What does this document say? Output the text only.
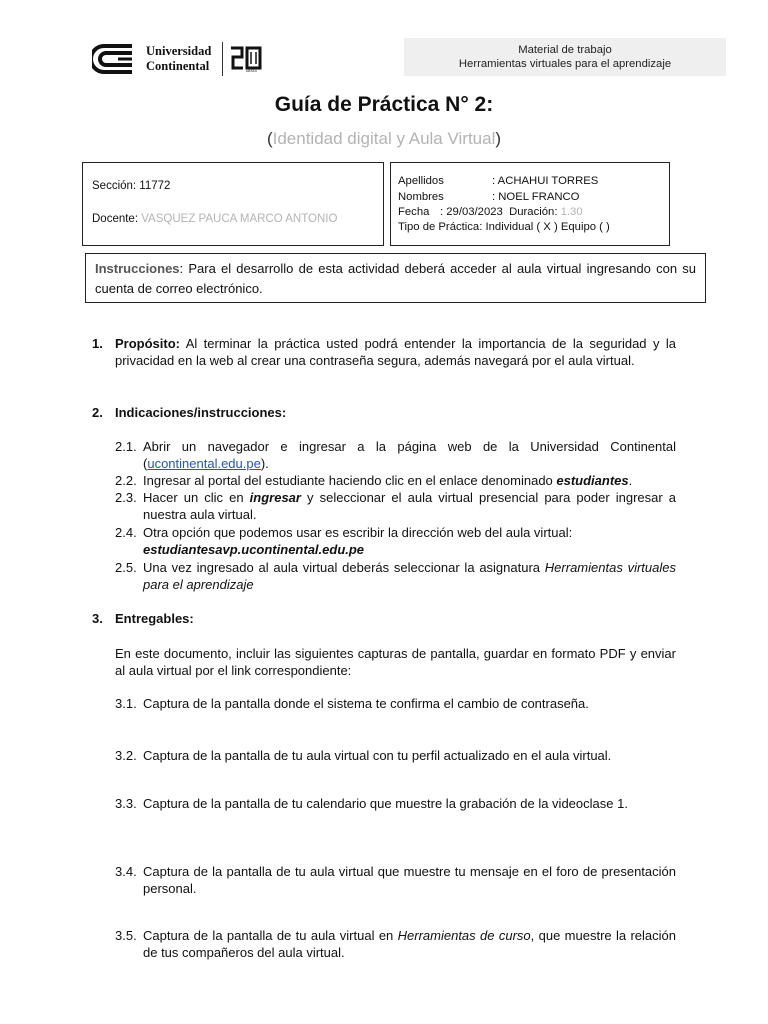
Universidad
Continental	años
Material de trabajo
Herramientas virtuales para el aprendizaje
Guía de Práctica N° 2:
(Identidad digital y Aula Virtual)
Sección: 11772
Docente: VASQUEZ PAUCA MARCO ANTONIO
Apellidos	: ACHAHUI TORRES
Nombres	: NOEL FRANCO
Fecha : 29/03/2023 Duración: 1.30
Tipo de Práctica: Individual ( X ) Equipo ( )
Instrucciones: Para el desarrollo de esta actividad deberá acceder al aula virtual ingresando con su cuenta de correo electrónico.
1. Propósito: Al terminar la práctica usted podrá entender la importancia de la seguridad y la privacidad en la web al crear una contraseña segura, además navegará por el aula virtual.
2. Indicaciones/instrucciones:
2.1. Abrir un navegador e ingresar a la página web de la Universidad Continental (ucontinental.edu.pe).
2.2. Ingresar al portal del estudiante haciendo clic en el enlace denominado estudiantes.
2.3. Hacer un clic en ingresar y seleccionar el aula virtual presencial para poder ingresar a nuestra aula virtual.
2.4. Otra opción que podemos usar es escribir la dirección web del aula virtual:
estudiantesavp.ucontinental.edu.pe
2.5. Una vez ingresado al aula virtual deberás seleccionar la asignatura Herramientas virtuales para el aprendizaje
3. Entregables:
En este documento, incluir las siguientes capturas de pantalla, guardar en formato PDF y enviar al aula virtual por el link correspondiente:
3.1. Captura de la pantalla donde el sistema te confirma el cambio de contraseña.
3.2. Captura de la pantalla de tu aula virtual con tu perfil actualizado en el aula virtual.
3.3. Captura de la pantalla de tu calendario que muestre la grabación de la videoclase 1.
3.4. Captura de la pantalla de tu aula virtual que muestre tu mensaje en el foro de presentación personal.
3.5. Captura de la pantalla de tu aula virtual en Herramientas de curso, que muestre la relación de tus compañeros del aula virtual.
